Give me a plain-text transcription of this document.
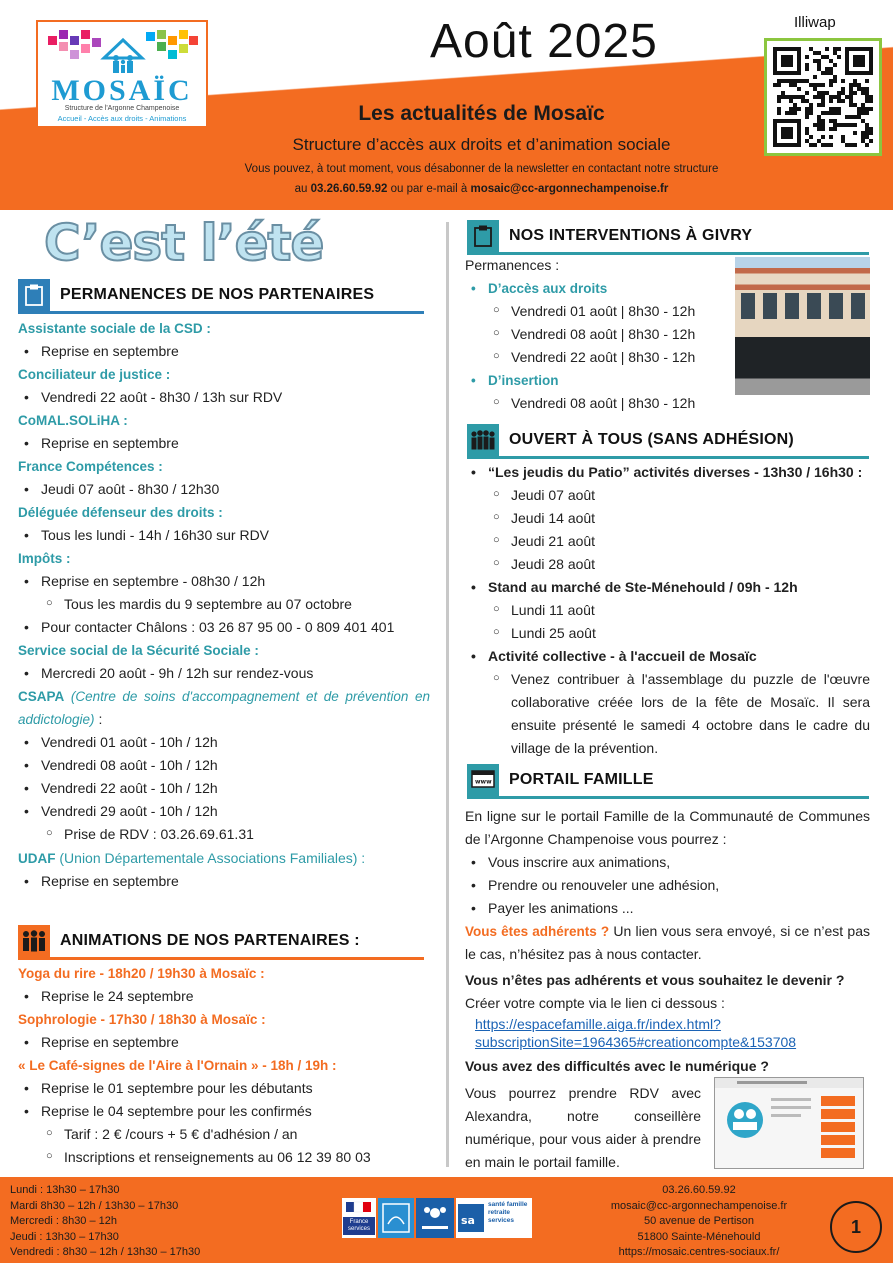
MOSAÏC
Structure de l'Argonne Champenoise
Accueil - Accès aux droits - Animations
Août 2025
Les actualités de Mosaïc
Structure d’accès aux droits et d’animation sociale
Vous pouvez, à tout moment, vous désabonner de la newsletter en contactant notre structure
au 03.26.60.59.92 ou par e-mail à mosaic@cc-argonnechampenoise.fr
Illiwap
C’est l’été
PERMANENCES DE NOS PARTENAIRES
Assistante sociale de la CSD :
• Reprise en septembre
Conciliateur de justice :
• Vendredi 22 août - 8h30 / 13h sur RDV
CoMAL.SOLiHA :
• Reprise en septembre
France Compétences :
• Jeudi 07 août - 8h30 / 12h30
Déléguée défenseur des droits :
• Tous les lundi - 14h / 16h30 sur RDV
Impôts :
• Reprise en septembre - 08h30 / 12h
○ Tous les mardis du 9 septembre au 07 octobre
• Pour contacter Châlons : 03 26 87 95 00 - 0 809 401 401
Service social de la Sécurité Sociale :
• Mercredi 20 août - 9h / 12h sur rendez-vous
CSAPA (Centre de soins d'accompagnement et de prévention en addictologie) :
• Vendredi 01 août - 10h / 12h
• Vendredi 08 août - 10h / 12h
• Vendredi 22 août - 10h / 12h
• Vendredi 29 août - 10h / 12h
○ Prise de RDV : 03.26.69.61.31
UDAF (Union Départementale Associations Familiales) :
• Reprise en septembre
ANIMATIONS DE NOS PARTENAIRES :
Yoga du rire - 18h20 / 19h30 à Mosaïc :
• Reprise le 24 septembre
Sophrologie - 17h30 / 18h30 à Mosaïc :
• Reprise en septembre
« Le Café-signes de l'Aire à l'Ornain » - 18h / 19h :
• Reprise le 01 septembre pour les débutants
• Reprise le 04 septembre pour les confirmés
○ Tarif : 2 € /cours + 5 € d'adhésion / an
○ Inscriptions et renseignements au 06 12 39 80 03
NOS INTERVENTIONS À GIVRY
Permanences :
• D’accès aux droits
○ Vendredi 01 août | 8h30 - 12h
○ Vendredi 08 août | 8h30 - 12h
○ Vendredi 22 août | 8h30 - 12h
• D’insertion
○ Vendredi 08 août | 8h30 - 12h
OUVERT À TOUS (SANS ADHÉSION)
• “Les jeudis du Patio” activités diverses - 13h30 / 16h30 :
○ Jeudi 07 août
○ Jeudi 14 août
○ Jeudi 21 août
○ Jeudi 28 août
• Stand au marché de Ste-Ménehould / 09h - 12h
○ Lundi 11 août
○ Lundi 25 août
• Activité collective - à l'accueil de Mosaïc
○ Venez contribuer à l'assemblage du puzzle de l'œuvre collaborative créée lors de la fête de Mosaïc. Il sera ensuite présenté le samedi 4 octobre dans le cadre du village de la prévention.
www PORTAIL FAMILLE
En ligne sur le portail Famille de la Communauté de Communes de l’Argonne Champenoise vous pourrez :
• Vous inscrire aux animations,
• Prendre ou renouveler une adhésion,
• Payer les animations ...
Vous êtes adhérents ? Un lien vous sera envoyé, si ce n’est pas le cas, n’hésitez pas à nous contacter.
Vous n’êtes pas adhérents et vous souhaitez le devenir ?
Créer votre compte via le lien ci dessous :
https://espacefamille.aiga.fr/index.html?
subscriptionSite=1964365#creationcompte&153708
Vous avez des difficultés avec le numérique ?
Vous pourrez prendre RDV avec Alexandra, notre conseillère numérique, pour vous aider à prendre en main le portail famille.
Lundi : 13h30 – 17h30
Mardi 8h30 – 12h / 13h30 – 17h30
Mercredi : 8h30 – 12h
Jeudi : 13h30 – 17h30
Vendredi : 8h30 – 12h / 13h30 – 17h30
03.26.60.59.92
mosaic@cc-argonnechampenoise.fr
50 avenue de Pertison
51800 Sainte-Ménehould
https://mosaic.centres-sociaux.fr/
France services
sa
santé famille retraite services	1
